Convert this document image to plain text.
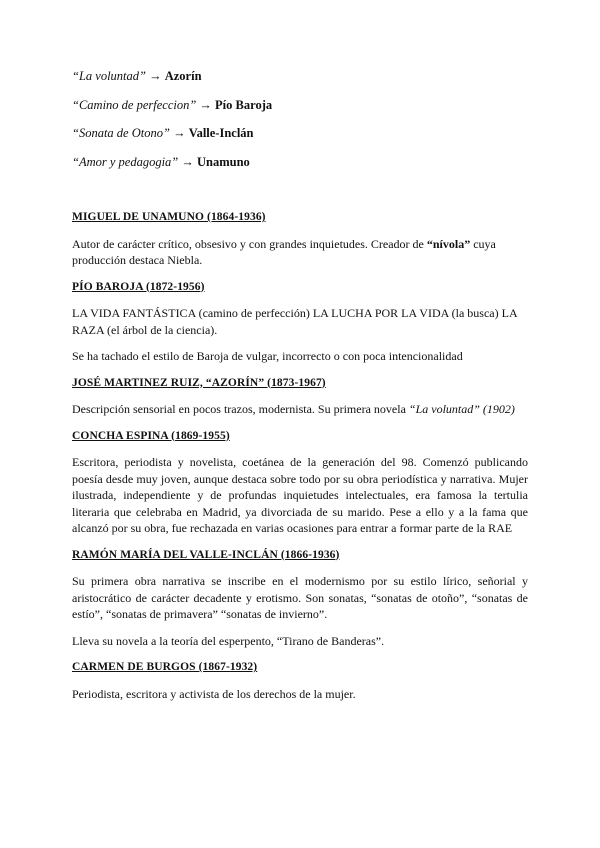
“La voluntad” → Azorín

“Camino de perfeccion” → Pío Baroja

“Sonata de Otono” → Valle-Inclán

“Amor y pedagogia” → Unamuno

MIGUEL DE UNAMUNO (1864-1936)

Autor de carácter crítico, obsesivo y con grandes inquietudes. Creador de “nívola” cuya producción destaca Niebla.

PÍO BAROJA (1872-1956)

LA VIDA FANTÁSTICA (camino de perfección) LA LUCHA POR LA VIDA (la busca) LA RAZA (el árbol de la ciencia).

Se ha tachado el estilo de Baroja de vulgar, incorrecto o con poca intencionalidad

JOSÉ MARTINEZ RUIZ, “AZORÍN” (1873-1967)

Descripción sensorial en pocos trazos, modernista. Su primera novela “La voluntad” (1902)

CONCHA ESPINA (1869-1955)

Escritora, periodista y novelista, coetánea de la generación del 98. Comenzó publicando poesía desde muy joven, aunque destaca sobre todo por su obra periodística y narrativa. Mujer ilustrada, independiente y de profundas inquietudes intelectuales, era famosa la tertulia literaria que celebraba en Madrid, ya divorciada de su marido. Pese a ello y a la fama que alcanzó por su obra, fue rechazada en varias ocasiones para entrar a formar parte de la RAE

RAMÓN MARÍA DEL VALLE-INCLÁN (1866-1936)

Su primera obra narrativa se inscribe en el modernismo por su estilo lírico, señorial y aristocrático de carácter decadente y erotismo. Son sonatas, “sonatas de otoño”, “sonatas de estío”, “sonatas de primavera” “sonatas de invierno”.

Lleva su novela a la teoría del esperpento, “Tirano de Banderas”.

CARMEN DE BURGOS (1867-1932)

Periodista, escritora y activista de los derechos de la mujer.
